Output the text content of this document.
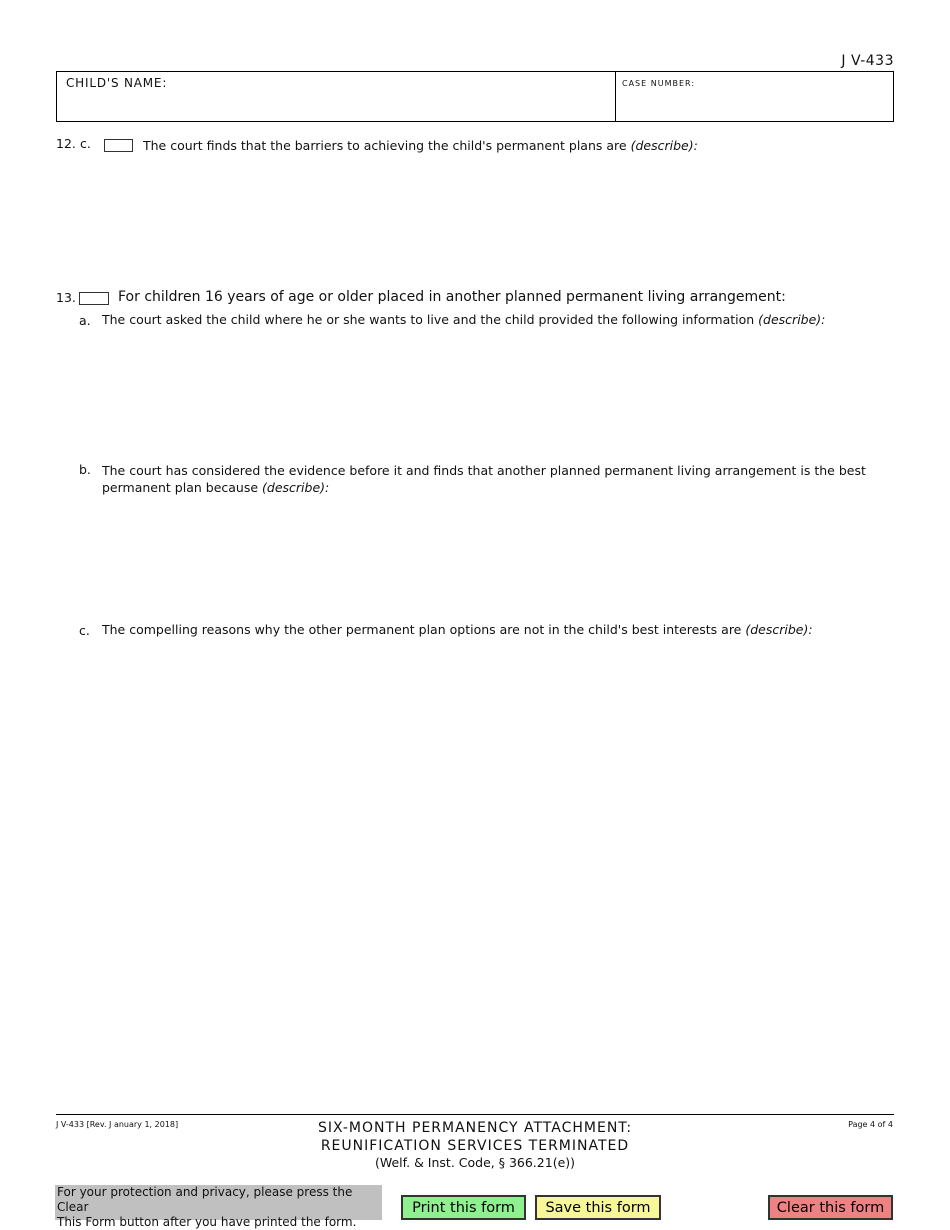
J V-433
CHILD'S NAME:	CASE NUMBER:
12. c.	The court finds that the barriers to achieving the child's permanent plans are (describe):
13.	For children 16 years of age or older placed in another planned permanent living arrangement:
a. The court asked the child where he or she wants to live and the child provided the following information (describe):
b. The court has considered the evidence before it and finds that another planned permanent living arrangement is the best
permanent plan because (describe):
c. The compelling reasons why the other permanent plan options are not in the child's best interests are (describe):
J V-433 [Rev. J anuary 1, 2018]	Page 4 of 4
SIX-MONTH PERMANENCY ATTACHMENT:
REUNIFICATION SERVICES TERMINATED
(Welf. & Inst. Code, § 366.21(e))
For your protection and privacy, please press the Clear
This Form button after you have printed the form.
Print this form	Save this form	Clear this form
